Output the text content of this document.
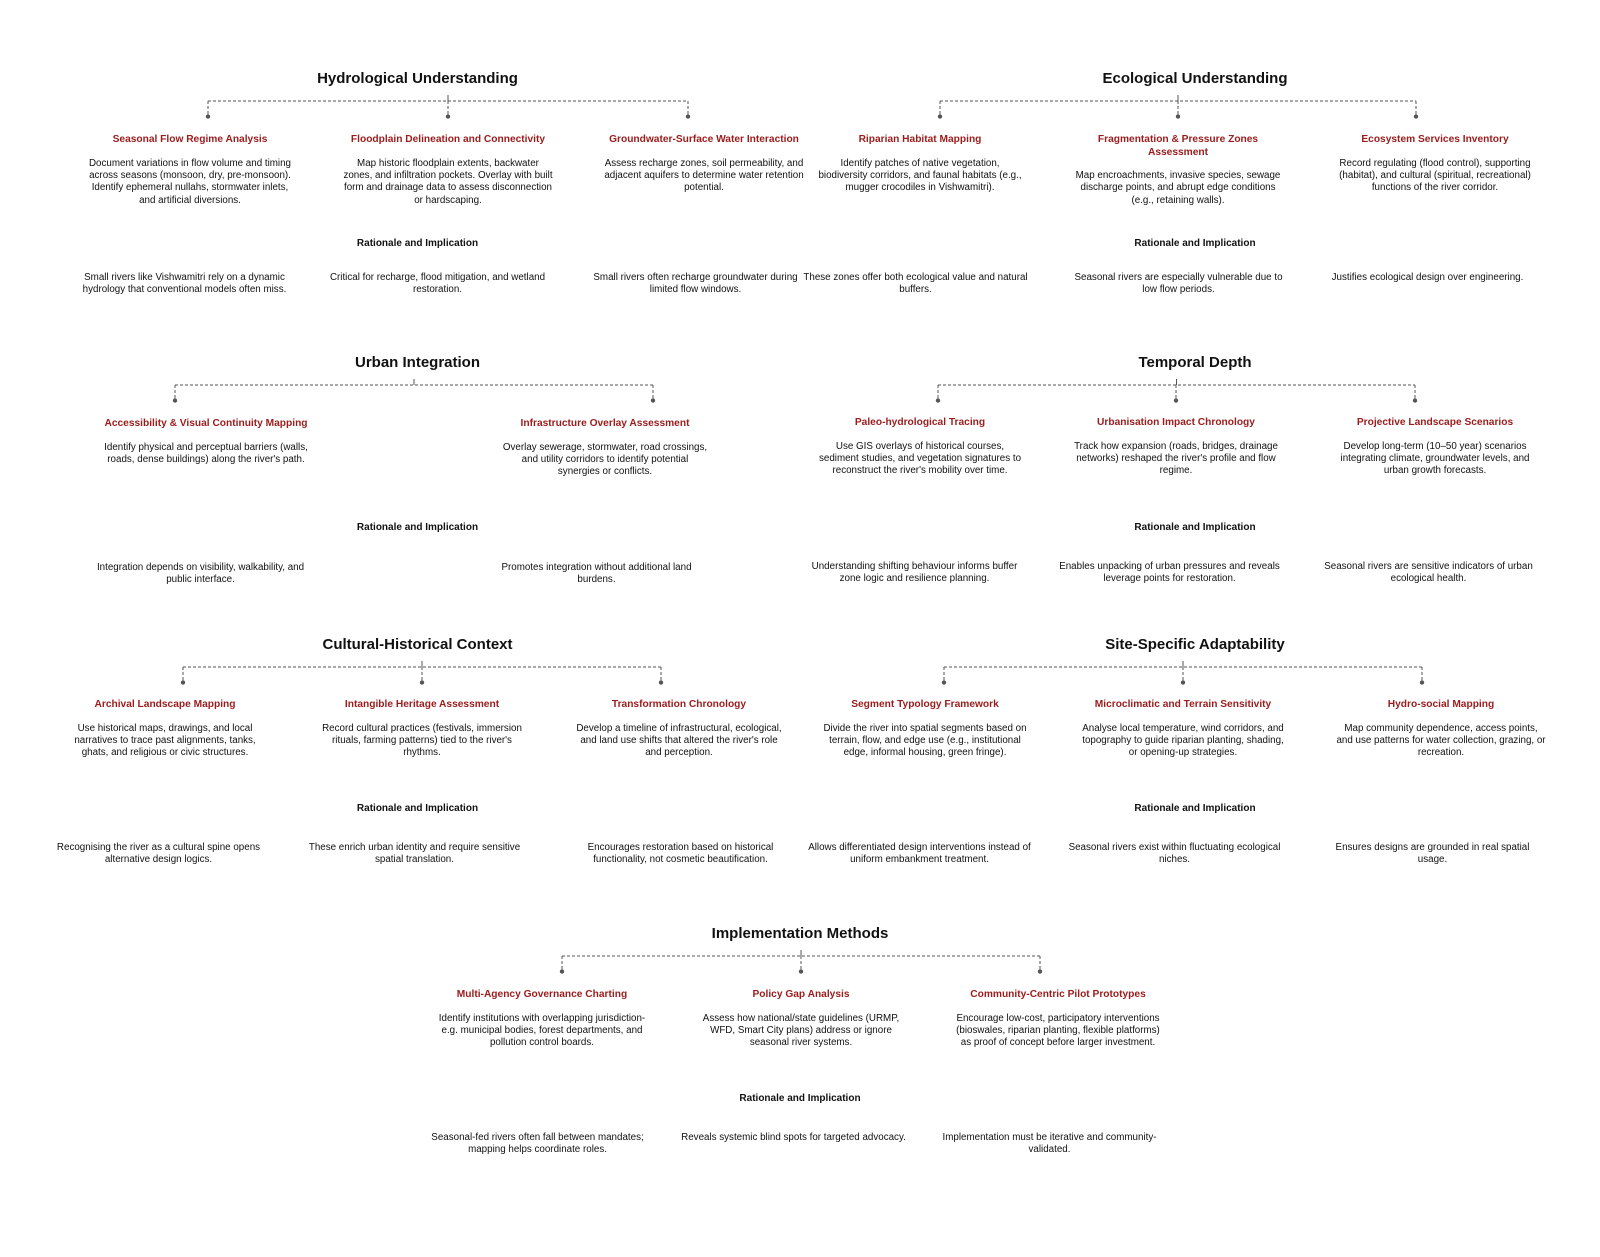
Hydrological Understanding
Seasonal Flow Regime Analysis
Document variations in flow volume and timing across seasons (monsoon, dry, pre-monsoon). Identify ephemeral nullahs, stormwater inlets, and artificial diversions.
Floodplain Delineation and Connectivity
Map historic floodplain extents, backwater zones, and infiltration pockets. Overlay with built form and drainage data to assess disconnection or hardscaping.
Groundwater-Surface Water Interaction
Assess recharge zones, soil permeability, and adjacent aquifers to determine water retention potential.
Rationale and Implication
Small rivers like Vishwamitri rely on a dynamic hydrology that conventional models often miss.
Critical for recharge, flood mitigation, and wetland restoration.
Small rivers often recharge groundwater during limited flow windows.
Ecological Understanding
Riparian Habitat Mapping
Identify patches of native vegetation, biodiversity corridors, and faunal habitats (e.g., mugger crocodiles in Vishwamitri).
Fragmentation & Pressure Zones Assessment
Map encroachments, invasive species, sewage discharge points, and abrupt edge conditions (e.g., retaining walls).
Ecosystem Services Inventory
Record regulating (flood control), supporting (habitat), and cultural (spiritual, recreational) functions of the river corridor.
Rationale and Implication
These zones offer both ecological value and natural buffers.
Seasonal rivers are especially vulnerable due to low flow periods.
Justifies ecological design over engineering.
Urban Integration
Accessibility & Visual Continuity Mapping
Identify physical and perceptual barriers (walls, roads, dense buildings) along the river's path.
Infrastructure Overlay Assessment
Overlay sewerage, stormwater, road crossings, and utility corridors to identify potential synergies or conflicts.
Rationale and Implication
Integration depends on visibility, walkability, and public interface.
Promotes integration without additional land burdens.
Temporal Depth
Paleo-hydrological Tracing
Use GIS overlays of historical courses, sediment studies, and vegetation signatures to reconstruct the river's mobility over time.
Urbanisation Impact Chronology
Track how expansion (roads, bridges, drainage networks) reshaped the river's profile and flow regime.
Projective Landscape Scenarios
Develop long-term (10–50 year) scenarios integrating climate, groundwater levels, and urban growth forecasts.
Rationale and Implication
Understanding shifting behaviour informs buffer zone logic and resilience planning.
Enables unpacking of urban pressures and reveals leverage points for restoration.
Seasonal rivers are sensitive indicators of urban ecological health.
Cultural-Historical Context
Archival Landscape Mapping
Use historical maps, drawings, and local narratives to trace past alignments, tanks, ghats, and religious or civic structures.
Intangible Heritage Assessment
Record cultural practices (festivals, immersion rituals, farming patterns) tied to the river's rhythms.
Transformation Chronology
Develop a timeline of infrastructural, ecological, and land use shifts that altered the river's role and perception.
Rationale and Implication
Recognising the river as a cultural spine opens alternative design logics.
These enrich urban identity and require sensitive spatial translation.
Encourages restoration based on historical functionality, not cosmetic beautification.
Site-Specific Adaptability
Segment Typology Framework
Divide the river into spatial segments based on terrain, flow, and edge use (e.g., institutional edge, informal housing, green fringe).
Microclimatic and Terrain Sensitivity
Analyse local temperature, wind corridors, and topography to guide riparian planting, shading, or opening-up strategies.
Hydro-social Mapping
Map community dependence, access points, and use patterns for water collection, grazing, or recreation.
Rationale and Implication
Allows differentiated design interventions instead of uniform embankment treatment.
Seasonal rivers exist within fluctuating ecological niches.
Ensures designs are grounded in real spatial usage.
Implementation Methods
Multi-Agency Governance Charting
Identify institutions with overlapping jurisdiction- e.g. municipal bodies, forest departments, and pollution control boards.
Policy Gap Analysis
Assess how national/state guidelines (URMP, WFD, Smart City plans) address or ignore seasonal river systems.
Community-Centric Pilot Prototypes
Encourage low-cost, participatory interventions (bioswales, riparian planting, flexible platforms) as proof of concept before larger investment.
Rationale and Implication
Seasonal-fed rivers often fall between mandates; mapping helps coordinate roles.
Reveals systemic blind spots for targeted advocacy.	Implementation must be iterative and community-validated.
